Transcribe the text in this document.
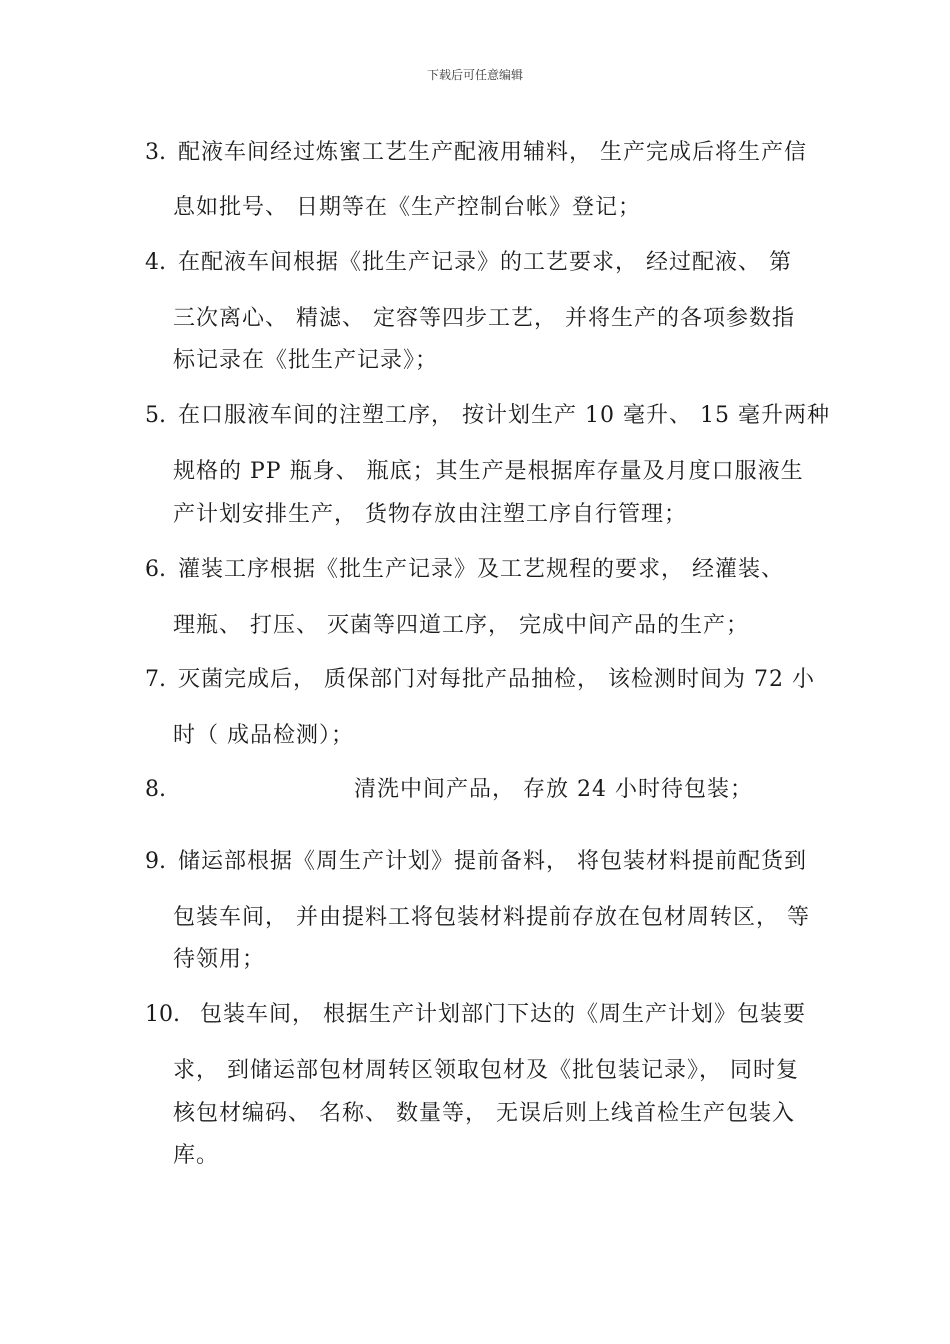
下载后可任意编辑
3. 配液车间经过炼蜜工艺生产配液用辅料， 生产完成后将生产信
息如批号、 日期等在《生产控制台帐》登记；
4. 在配液车间根据《批生产记录》的工艺要求， 经过配液、 第
三次离心、 精滤、 定容等四步工艺， 并将生产的各项参数指
标记录在《批生产记录》；
5. 在口服液车间的注塑工序， 按计划生产 10 毫升、 15 毫升两种
规格的 PP 瓶身、 瓶底；其生产是根据库存量及月度口服液生
产计划安排生产， 货物存放由注塑工序自行管理；
6. 灌装工序根据《批生产记录》及工艺规程的要求， 经灌装、
理瓶、 打压、 灭菌等四道工序， 完成中间产品的生产；
7. 灭菌完成后， 质保部门对每批产品抽检， 该检测时间为 72 小
时（ 成品检测）；
8.	清洗中间产品， 存放 24 小时待包装；
9. 储运部根据《周生产计划》提前备料， 将包装材料提前配货到
包装车间， 并由提料工将包装材料提前存放在包材周转区， 等
待领用；
10. 包装车间， 根据生产计划部门下达的《周生产计划》包装要
求， 到储运部包材周转区领取包材及《批包装记录》， 同时复
核包材编码、 名称、 数量等， 无误后则上线首检生产包装入
库。
